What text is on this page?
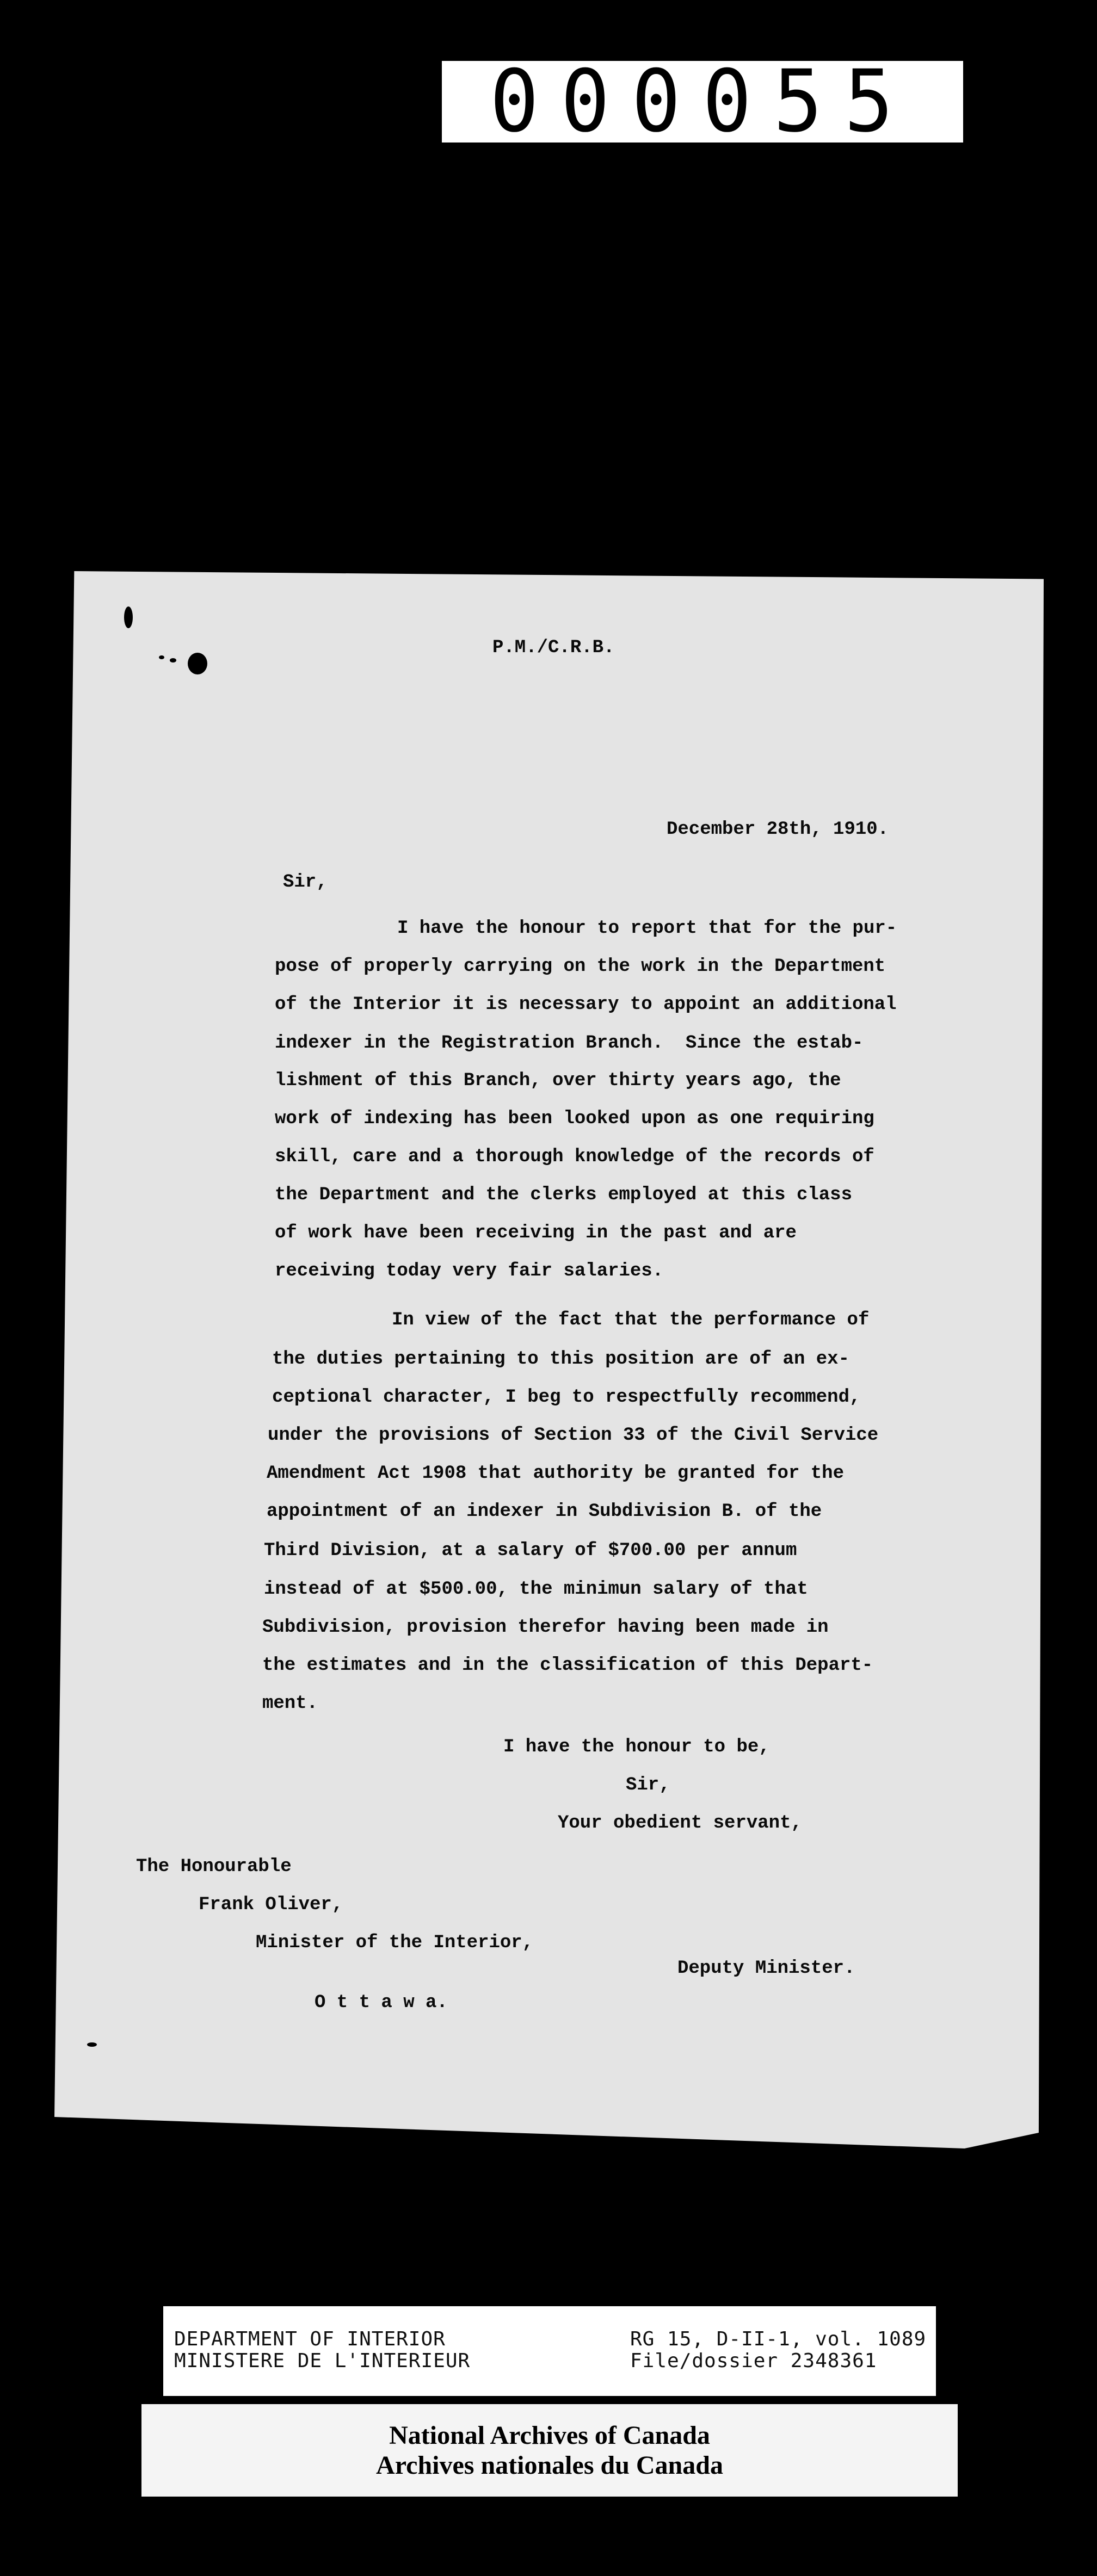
000055
P.M./C.R.B.
December 28th, 1910.
Sir,
I have the honour to report that for the pur-
pose of properly carrying on the work in the Department
of the Interior it is necessary to appoint an additional
indexer in the Registration Branch.  Since the estab-
lishment of this Branch, over thirty years ago, the
work of indexing has been looked upon as one requiring
skill, care and a thorough knowledge of the records of
the Department and the clerks employed at this class
of work have been receiving in the past and are
receiving today very fair salaries.
In view of the fact that the performance of
the duties pertaining to this position are of an ex-
ceptional character, I beg to respectfully recommend,
under the provisions of Section 33 of the Civil Service
Amendment Act 1908 that authority be granted for the
appointment of an indexer in Subdivision B. of the
Third Division, at a salary of $700.00 per annum
instead of at $500.00, the minimun salary of that
Subdivision, provision therefor having been made in
the estimates and in the classification of this Depart-
ment.
I have the honour to be,
Sir,
Your obedient servant,
The Honourable
Frank Oliver,
Minister of the Interior,
Deputy Minister.
O t t a w a.
DEPARTMENT OF INTERIOR
MINISTERE DE L'INTERIEUR
RG 15, D-II-1, vol. 1089
File/dossier 2348361
National Archives of Canada
Archives nationales du Canada
